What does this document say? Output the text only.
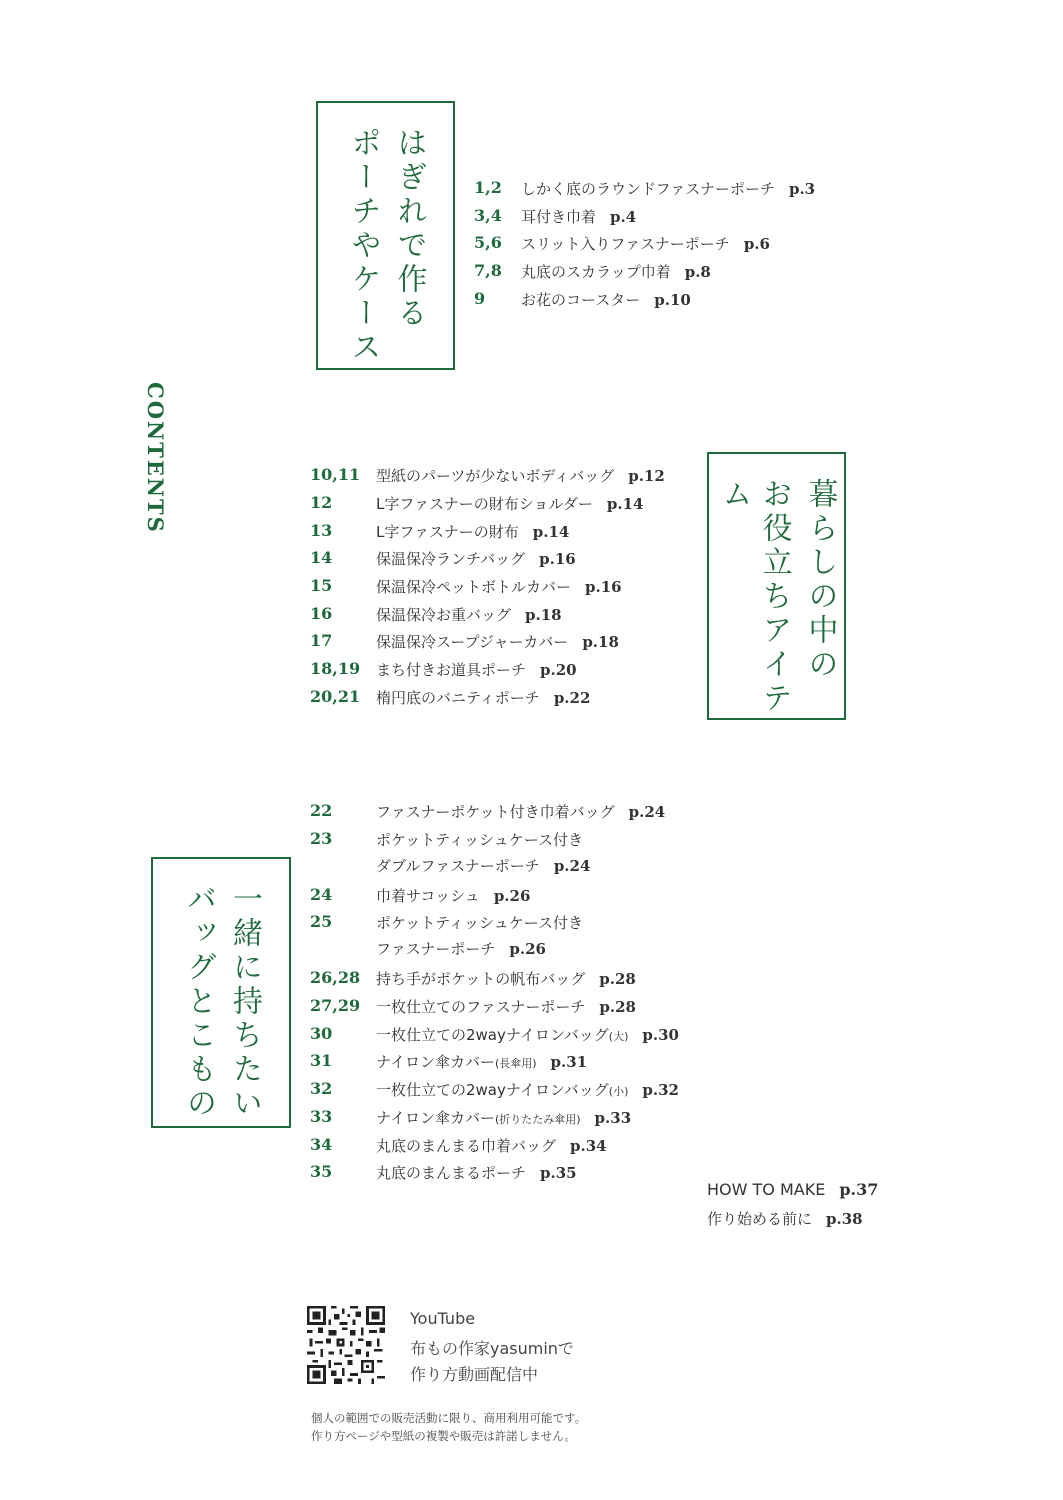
CONTENTS
はぎれで作る
ポーチやケース	1,2 しかく底のラウンドファスナーポーチ p.3
3,4 耳付き巾着 p.4
5,6 スリット入りファスナーポーチ p.6
7,8 丸底のスカラップ巾着 p.8
9 お花のコースター p.10
10,11 型紙のパーツが少ないボディバッグ p.12
12	L字ファスナーの財布ショルダー p.14
13	L字ファスナーの財布 p.14
14	保温保冷ランチバッグ p.16
15	保温保冷ペットボトルカバー p.16
16	保温保冷お重バッグ p.18
17	保温保冷スープジャーカバー p.18
18,19 まち付きお道具ポーチ p.20
20,21 楕円底のバニティポーチ p.22
暮らしの中の
お役立ちアイテム
一緒に持ちたい
バッグとこもの
22	ファスナーポケット付き巾着バッグ p.24
23	ポケットティッシュケース付き
ダブルファスナーポーチ p.24
24	巾着サコッシュ p.26
25	ポケットティッシュケース付き
ファスナーポーチ p.26
26,28 持ち手がポケットの帆布バッグ p.28
27,29 一枚仕立てのファスナーポーチ p.28
30	一枚仕立ての2wayナイロンバッグ(大) p.30
31	ナイロン傘カバー(長傘用) p.31
32	一枚仕立ての2wayナイロンバッグ(小) p.32
33	ナイロン傘カバー(折りたたみ傘用) p.33
34	丸底のまんまる巾着バッグ p.34
35	丸底のまんまるポーチ p.35
HOW TO MAKE p.37
作り始める前に p.38
YouTube
布もの作家yasuminで
作り方動画配信中
個人の範囲での販売活動に限り、商用利用可能です。
作り方ページや型紙の複製や販売は許諾しません。
